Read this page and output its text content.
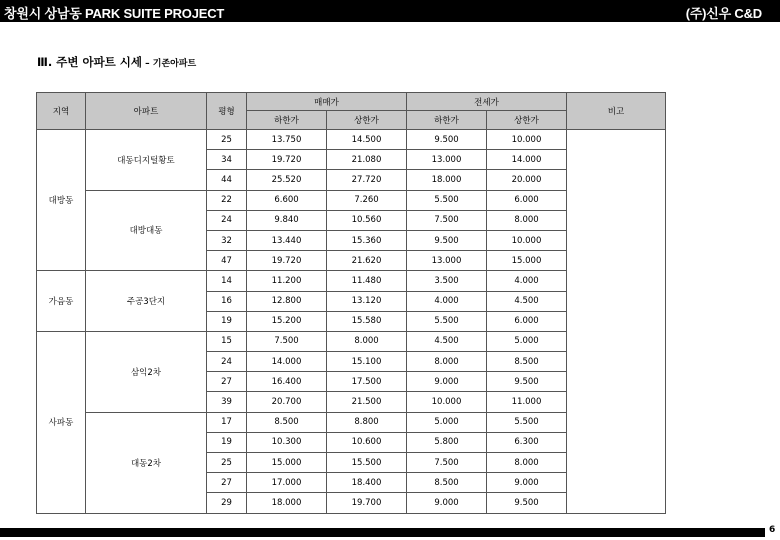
창원시 상남동 PARK SUITE PROJECT	(주)신우 C&D
Ⅲ. 주변 아파트 시세 – 기존아파트
지역	아파트	평형	매매가		전세가		비고
			하한가	상한가	하한가	상한가	
대방동	대동디지털황토	25	13.750	14.500	9.500	10.000	
		34	19.720	21.080	13.000	14.000	
		44	25.520	27.720	18.000	20.000	
	대방대동	22	6.600	7.260	5.500	6.000	
		24	9.840	10.560	7.500	8.000	
		32	13.440	15.360	9.500	10.000	
		47	19.720	21.620	13.000	15.000	
가음동	주공3단지	14	11.200	11.480	3.500	4.000	
		16	12.800	13.120	4.000	4.500	
		19	15.200	15.580	5.500	6.000	
사파동	삼익2차	15	7.500	8.000	4.500	5.000	
		24	14.000	15.100	8.000	8.500	
		27	16.400	17.500	9.000	9.500	
		39	20.700	21.500	10.000	11.000	
	대동2차	17	8.500	8.800	5.000	5.500	
		19	10.300	10.600	5.800	6.300	
		25	15.000	15.500	7.500	8.000	
		27	17.000	18.400	8.500	9.000	
		29	18.000	19.700	9.000	9.500	
6
